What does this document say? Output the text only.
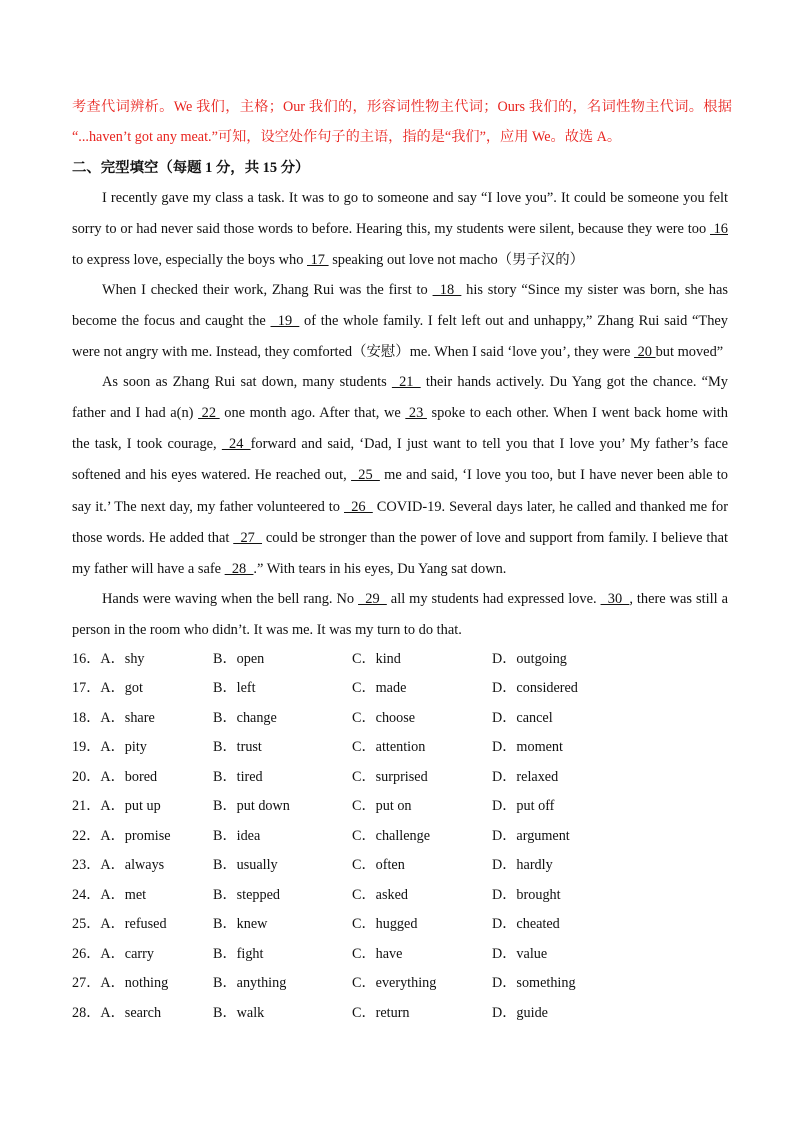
考查代词辨析。We 我们，主格；Our 我们的，形容词性物主代词；Ours 我们的，名词性物主代词。根据
“...haven’t got any meat.”可知，设空处作句子的主语，指的是“我们”，应用 We。故选 A。
二、完型填空（每题 1 分，共 15 分）
I recently gave my class a task. It was to go to someone and say “I love you”. It could be someone you felt
sorry to or had never said those words to before. Hearing this, my students were silent, because they were too  16
to express love, especially the boys who  17  speaking out love not macho（男子汉的）
When I checked their work, Zhang Rui was the first to   18   his story “Since my sister was born, she has
become the focus and caught the   19   of the whole family. I felt left out and unhappy,” Zhang Rui said “They
were not angry with me. Instead, they comforted（安慰）me. When I said ‘love you’, they were  20 but moved”
As soon as Zhang Rui sat down, many students   21   their hands actively. Du Yang got the chance. “My
father and I had a(n)  22  one month ago. After that, we  23  spoke to each other. When I went back home with
the task, I took courage,   24  forward and said, ‘Dad, I just want to tell you that I love you’ My father’s face
softened and his eyes watered. He reached out,   25   me and said, ‘I love you too, but I have never been able to
say it.’ The next day, my father volunteered to   26   COVID-19. Several days later, he called and thanked me for
those words. He added that   27   could be stronger than the power of love and support from family. I believe that
my father will have a safe   28  .” With tears in his eyes, Du Yang sat down.
Hands were waving when the bell rang. No   29   all my students had expressed love.   30  , there was still a
person in the room who didn’t. It was me. It was my turn to do that.
16．A．shy	B．open	C．kind	D．outgoing
17．A．got	B．left	C．made	D．considered
18．A．share	B．change	C．choose	D．cancel
19．A．pity	B．trust	C．attention	D．moment
20．A．bored	B．tired	C．surprised	D．relaxed
21．A．put up	B．put down	C．put on	D．put off
22．A．promise	B．idea	C．challenge	D．argument
23．A．always	B．usually	C．often	D．hardly
24．A．met	B．stepped	C．asked	D．brought
25．A．refused	B．knew	C．hugged	D．cheated
26．A．carry	B．fight	C．have	D．value
27．A．nothing	B．anything	C．everything	D．something
28．A．search	B．walk	C．return	D．guide
